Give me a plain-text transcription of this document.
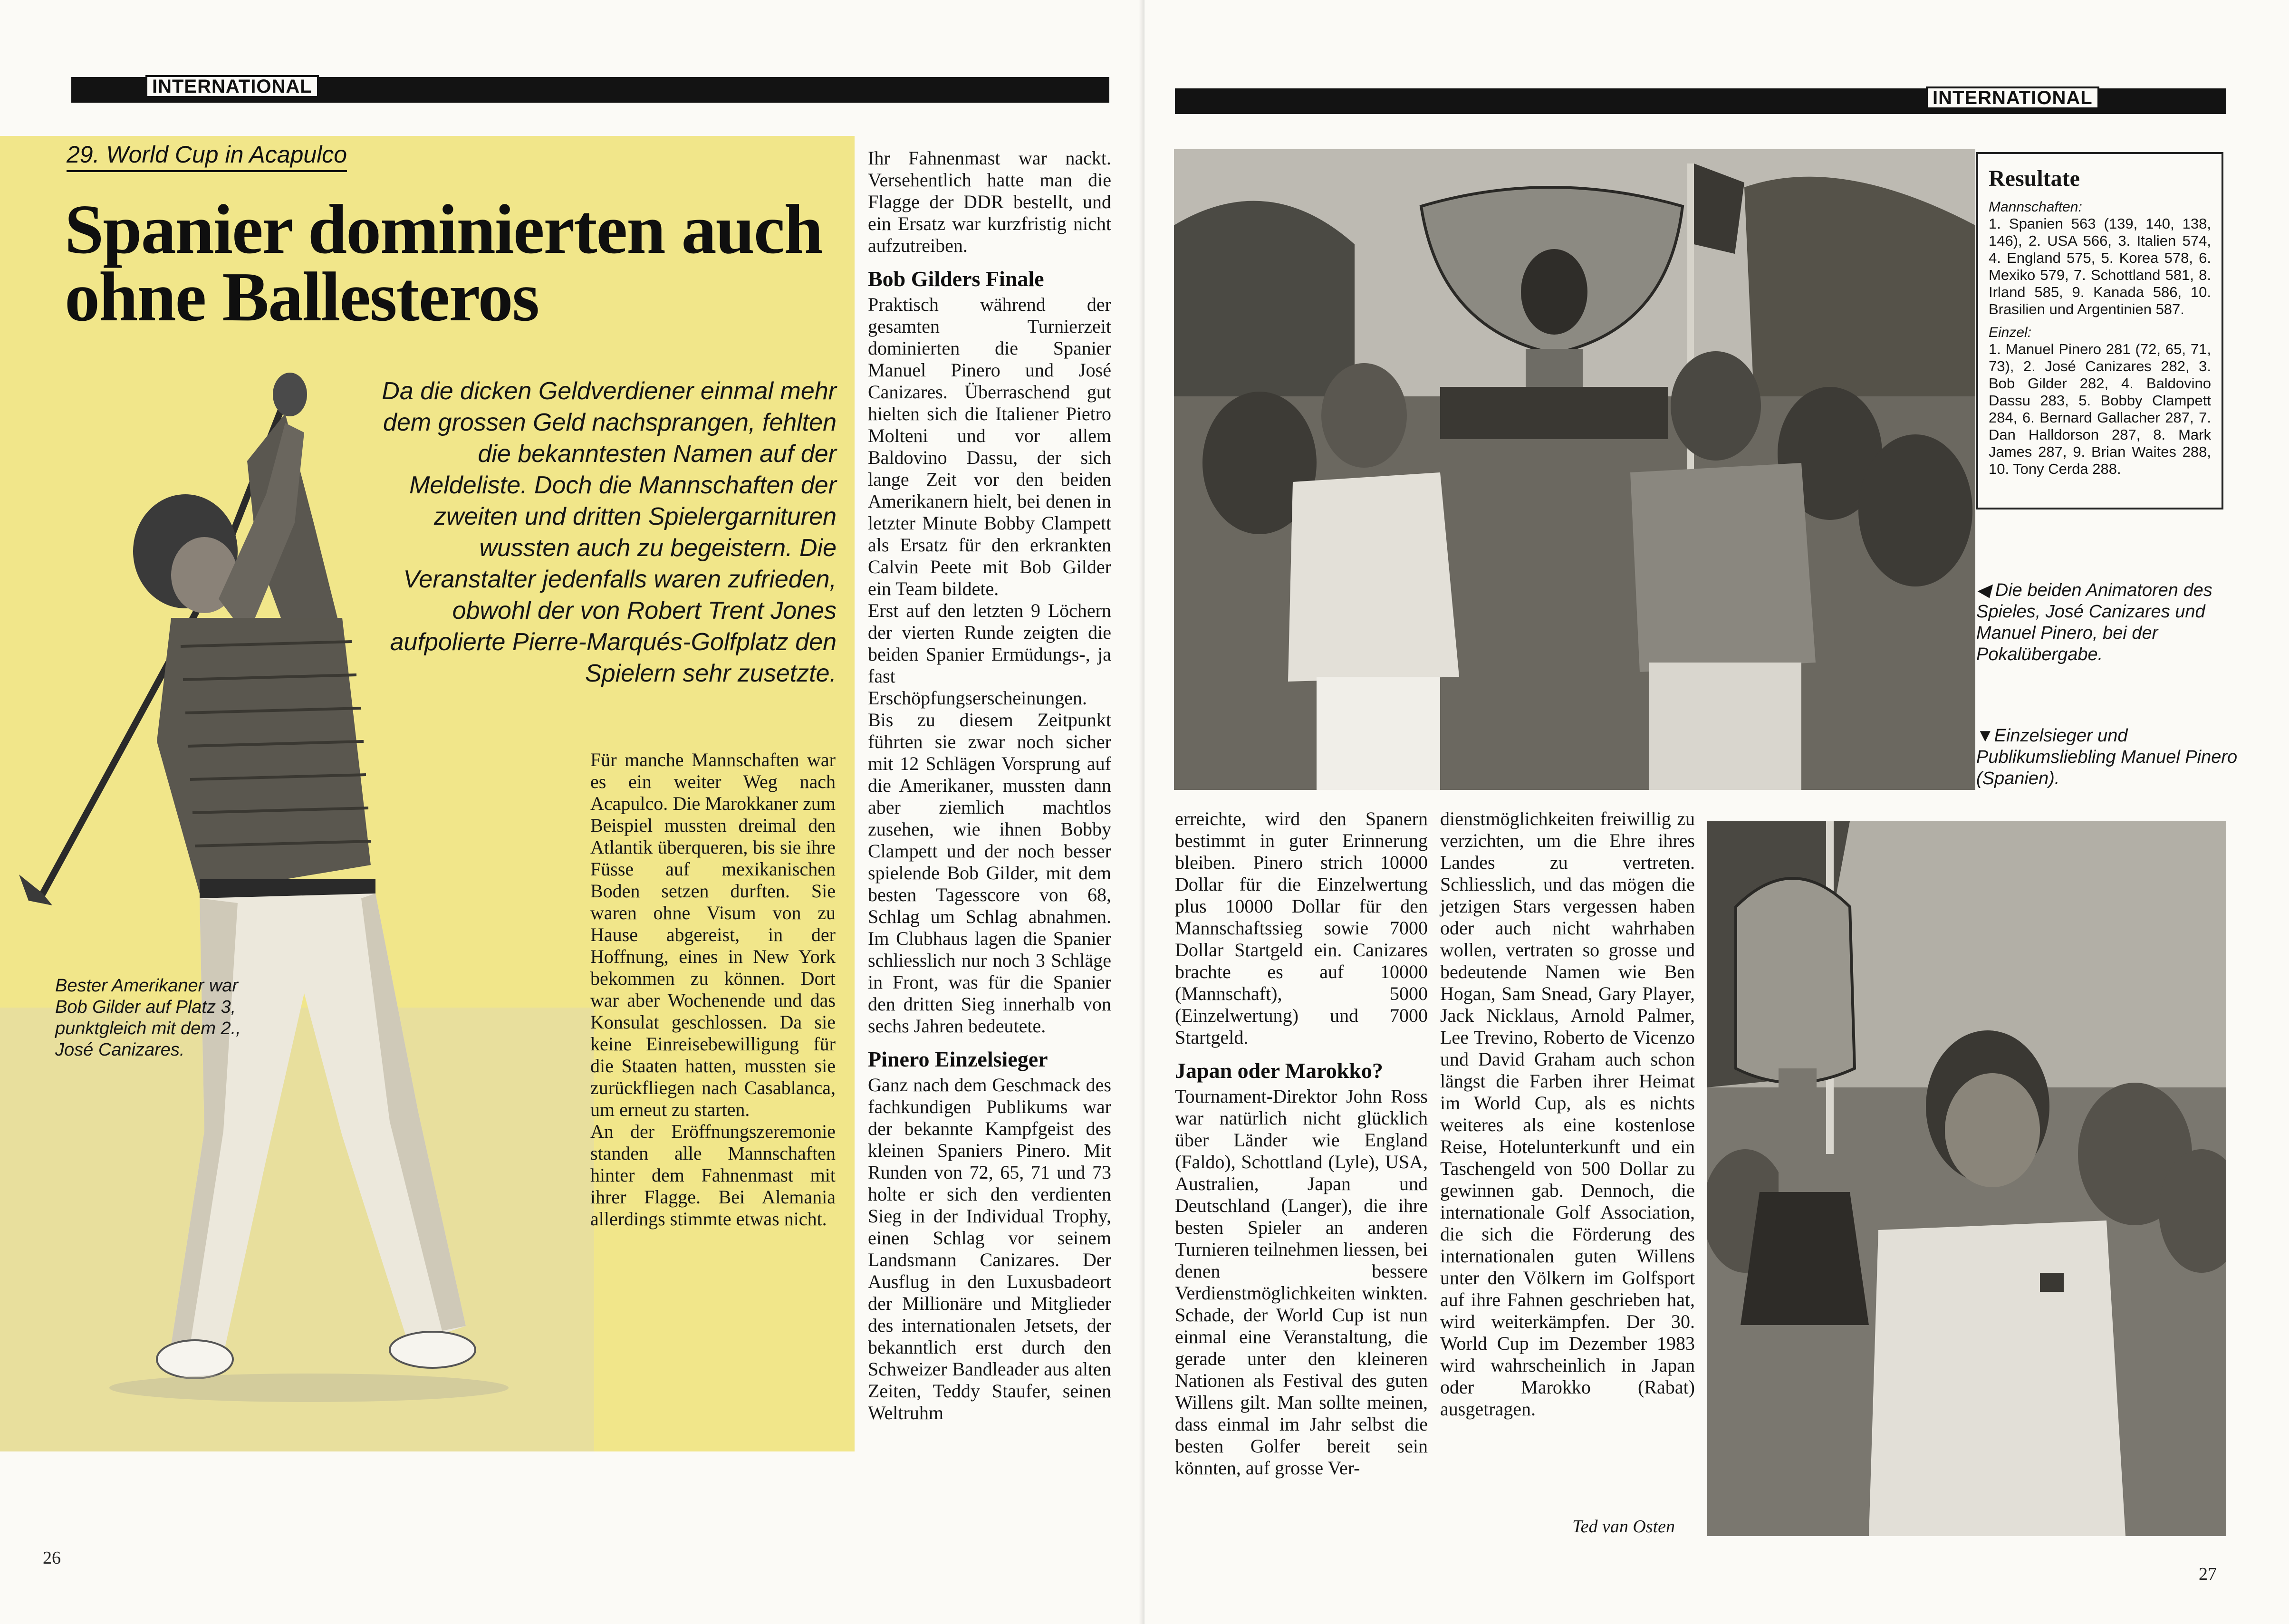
INTERNATIONAL
29. World Cup in Acapulco
Spanier dominierten auch ohne Ballesteros
Da die dicken Geldverdiener einmal mehr dem grossen Geld nachsprangen, fehlten die bekanntesten Namen auf der Meldeliste. Doch die Mannschaften der zweiten und dritten Spielergarnituren wussten auch zu begeistern. Die Veranstalter jedenfalls waren zufrieden, obwohl der von Robert Trent Jones aufpolierte Pierre-Marqués-Golfplatz den Spielern sehr zusetzte.
Bester Amerikaner war Bob Gilder auf Platz 3, punktgleich mit dem 2., José Canizares.

Für manche Mannschaften war es ein weiter Weg nach Acapulco. Die Marokkaner zum Beispiel mussten dreimal den Atlantik überqueren, bis sie ihre Füsse auf mexikanischen Boden setzen durften. Sie waren ohne Visum von zu Hause abgereist, in der Hoffnung, eines in New York bekommen zu können. Dort war aber Wochenende und das Konsulat geschlossen. Da sie keine Einreisebewilligung für die Staaten hatten, mussten sie zurückfliegen nach Casablanca, um erneut zu starten.

An der Eröffnungszeremonie standen alle Mannschaften hinter dem Fahnenmast mit ihrer Flagge. Bei Alemania allerdings stimmte etwas nicht.

Ihr Fahnenmast war nackt. Versehentlich hatte man die Flagge der DDR bestellt, und ein Ersatz war kurzfristig nicht aufzutreiben.

Bob Gilders Finale

Praktisch während der gesamten Turnierzeit dominierten die Spanier Manuel Pinero und José Canizares. Überraschend gut hielten sich die Italiener Pietro Molteni und vor allem Baldovino Dassu, der sich lange Zeit vor den beiden Amerikanern hielt, bei denen in letzter Minute Bobby Clampett als Ersatz für den erkrankten Calvin Peete mit Bob Gilder ein Team bildete.

Erst auf den letzten 9 Löchern der vierten Runde zeigten die beiden Spanier Ermüdungs-, ja fast Erschöpfungserscheinungen. Bis zu diesem Zeitpunkt führten sie zwar noch sicher mit 12 Schlägen Vorsprung auf die Amerikaner, mussten dann aber ziemlich machtlos zusehen, wie ihnen Bobby Clampett und der noch besser spielende Bob Gilder, mit dem besten Tagesscore von 68, Schlag um Schlag abnahmen. Im Clubhaus lagen die Spanier schliesslich nur noch 3 Schläge in Front, was für die Spanier den dritten Sieg innerhalb von sechs Jahren bedeutete.

Pinero Einzelsieger

Ganz nach dem Geschmack des fachkundigen Publikums war der bekannte Kampfgeist des kleinen Spaniers Pinero. Mit Runden von 72, 65, 71 und 73 holte er sich den verdienten Sieg in der Individual Trophy, einen Schlag vor seinem Landsmann Canizares. Der Ausflug in den Luxusbadeort der Millionäre und Mitglieder des internationalen Jetsets, der bekanntlich erst durch den Schweizer Bandleader aus alten Zeiten, Teddy Staufer, seinen Weltruhm

26
INTERNATIONAL
Resultate
Mannschaften:
1. Spanien 563 (139, 140, 138, 146), 2. USA 566, 3. Italien 574, 4. England 575, 5. Korea 578, 6. Mexiko 579, 7. Schottland 581, 8. Irland 585, 9. Kanada 586, 10. Brasilien und Argentinien 587.
Einzel:
1. Manuel Pinero 281 (72, 65, 71, 73), 2. José Canizares 282, 3. Bob Gilder 282, 4. Baldovino Dassu 283, 5. Bobby Clampett 284, 6. Bernard Gallacher 287, 7. Dan Halldorson 287, 8. Mark James 287, 9. Brian Waites 288, 10. Tony Cerda 288.
◀ Die beiden Animatoren des Spieles, José Canizares und Manuel Pinero, bei der Pokalübergabe.
▼Einzelsieger und Publikumsliebling Manuel Pinero (Spanien).

erreichte, wird den Spanern bestimmt in guter Erinnerung bleiben. Pinero strich 10000 Dollar für die Einzelwertung plus 10000 Dollar für den Mannschaftssieg sowie 7000 Dollar Startgeld ein. Canizares brachte es auf 10000 (Mannschaft), 5000 (Einzelwertung) und 7000 Startgeld.

Japan oder Marokko?

Tournament-Direktor John Ross war natürlich nicht glücklich über Länder wie England (Faldo), Schottland (Lyle), USA, Australien, Japan und Deutschland (Langer), die ihre besten Spieler an anderen Turnieren teilnehmen liessen, bei denen bessere Verdienstmöglichkeiten winkten. Schade, der World Cup ist nun einmal eine Veranstaltung, die gerade unter den kleineren Nationen als Festival des guten Willens gilt. Man sollte meinen, dass einmal im Jahr selbst die besten Golfer bereit sein könnten, auf grosse Ver-

dienstmöglichkeiten freiwillig zu verzichten, um die Ehre ihres Landes zu vertreten. Schliesslich, und das mögen die jetzigen Stars vergessen haben oder auch nicht wahrhaben wollen, vertraten so grosse und bedeutende Namen wie Ben Hogan, Sam Snead, Gary Player, Jack Nicklaus, Arnold Palmer, Lee Trevino, Roberto de Vicenzo und David Graham auch schon längst die Farben ihrer Heimat im World Cup, als es nichts weiteres als eine kostenlose Reise, Hotelunterkunft und ein Taschengeld von 500 Dollar zu gewinnen gab. Dennoch, die internationale Golf Association, die sich die Förderung des internationalen guten Willens unter den Völkern im Golfsport auf ihre Fahnen geschrieben hat, wird weiterkämpfen. Der 30. World Cup im Dezember 1983 wird wahrscheinlich in Japan oder Marokko (Rabat) ausgetragen.

Ted van Osten
27
